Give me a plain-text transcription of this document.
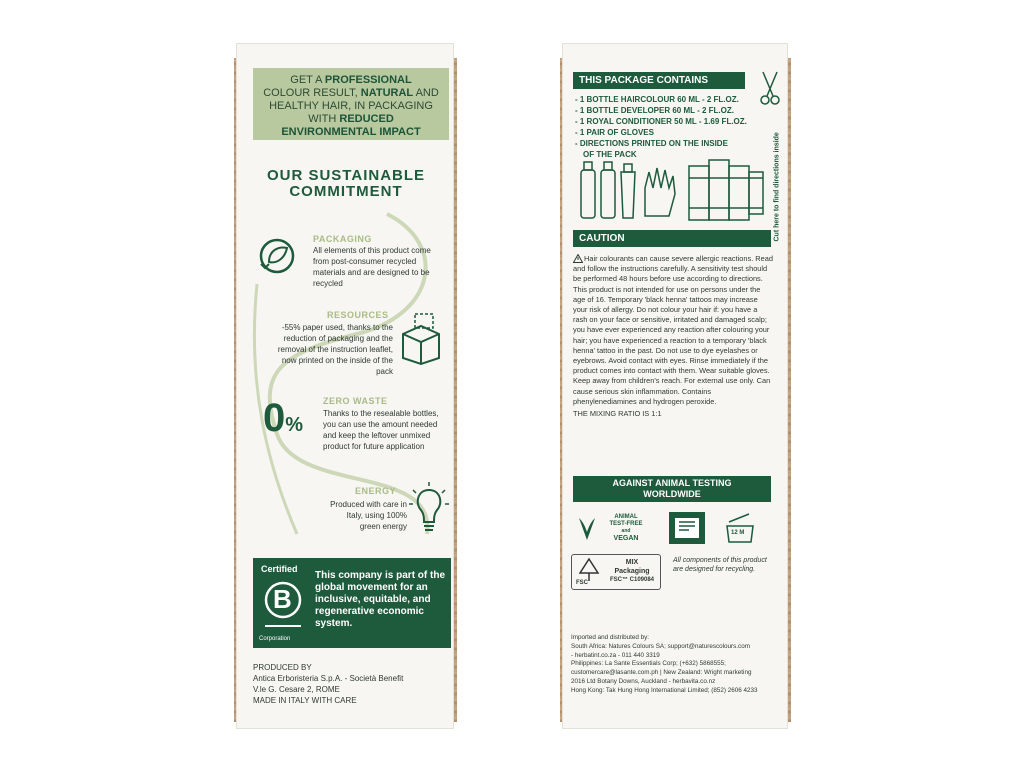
GET A PROFESSIONAL
COLOUR RESULT, NATURAL AND
HEALTHY HAIR, IN PACKAGING
WITH REDUCED
ENVIRONMENTAL IMPACT
OUR SUSTAINABLE
COMMITMENT
PACKAGING
All elements of this product come from post-consumer recycled materials and are designed to be recycled
RESOURCES
-55% paper used, thanks to the reduction of packaging and the removal of the instruction leaflet, now printed on the inside of the pack
0%
ZERO WASTE
Thanks to the resealable bottles, you can use the amount needed and keep the leftover unmixed product for future application
ENERGY
Produced with care in Italy, using 100% green energy
Certified
B
Corporation
This company is part of the global movement for an inclusive, equitable, and regenerative economic system.
PRODUCED BY
Antica Erboristeria S.p.A. - Società Benefit
V.le G. Cesare 2, ROME
MADE IN ITALY WITH CARE
THIS PACKAGE CONTAINS
Cut here to find directions inside
- 1 BOTTLE HAIRCOLOUR 60 ML - 2 FL.OZ.
- 1 BOTTLE DEVELOPER 60 ML - 2 FL.OZ.
- 1 ROYAL CONDITIONER 50 ML - 1.69 FL.OZ.
- 1 PAIR OF GLOVES
- DIRECTIONS PRINTED ON THE INSIDE
OF THE PACK
CAUTION
Hair colourants can cause severe allergic reactions. Read and follow the instructions carefully. A sensitivity test should be performed 48 hours before use according to directions. This product is not intended for use on persons under the age of 16. Temporary 'black henna' tattoos may increase your risk of allergy. Do not colour your hair if: you have a rash on your face or sensitive, irritated and damaged scalp; you have ever experienced any reaction after colouring your hair; you have experienced a reaction to a temporary 'black henna' tattoo in the past. Do not use to dye eyelashes or eyebrows. Avoid contact with eyes. Rinse immediately if the product comes into contact with them. Wear suitable gloves. Keep away from children's reach. For external use only. Can cause serious skin inflammation. Contains phenylenediamines and hydrogen peroxide.
THE MIXING RATIO IS 1:1
AGAINST ANIMAL TESTING
WORLDWIDE
ANIMAL
TEST-FREE
and
VEGAN
12 M
FSC
MIX
Packaging
FSC™ C109084
All components of this product are designed for recycling.
Imported and distributed by:
South Africa: Natures Colours SA; support@naturescolours.com
- herbatint.co.za - 011 440 3319
Philippines: La Sante Essentials Corp; (+632) 5868555;
customercare@lasante.com.ph | New Zealand: Wright marketing
2016 Ltd Botany Downs, Auckland - herbavita.co.nz
Hong Kong: Tak Hung Hong International Limited; (852) 2606 4233
